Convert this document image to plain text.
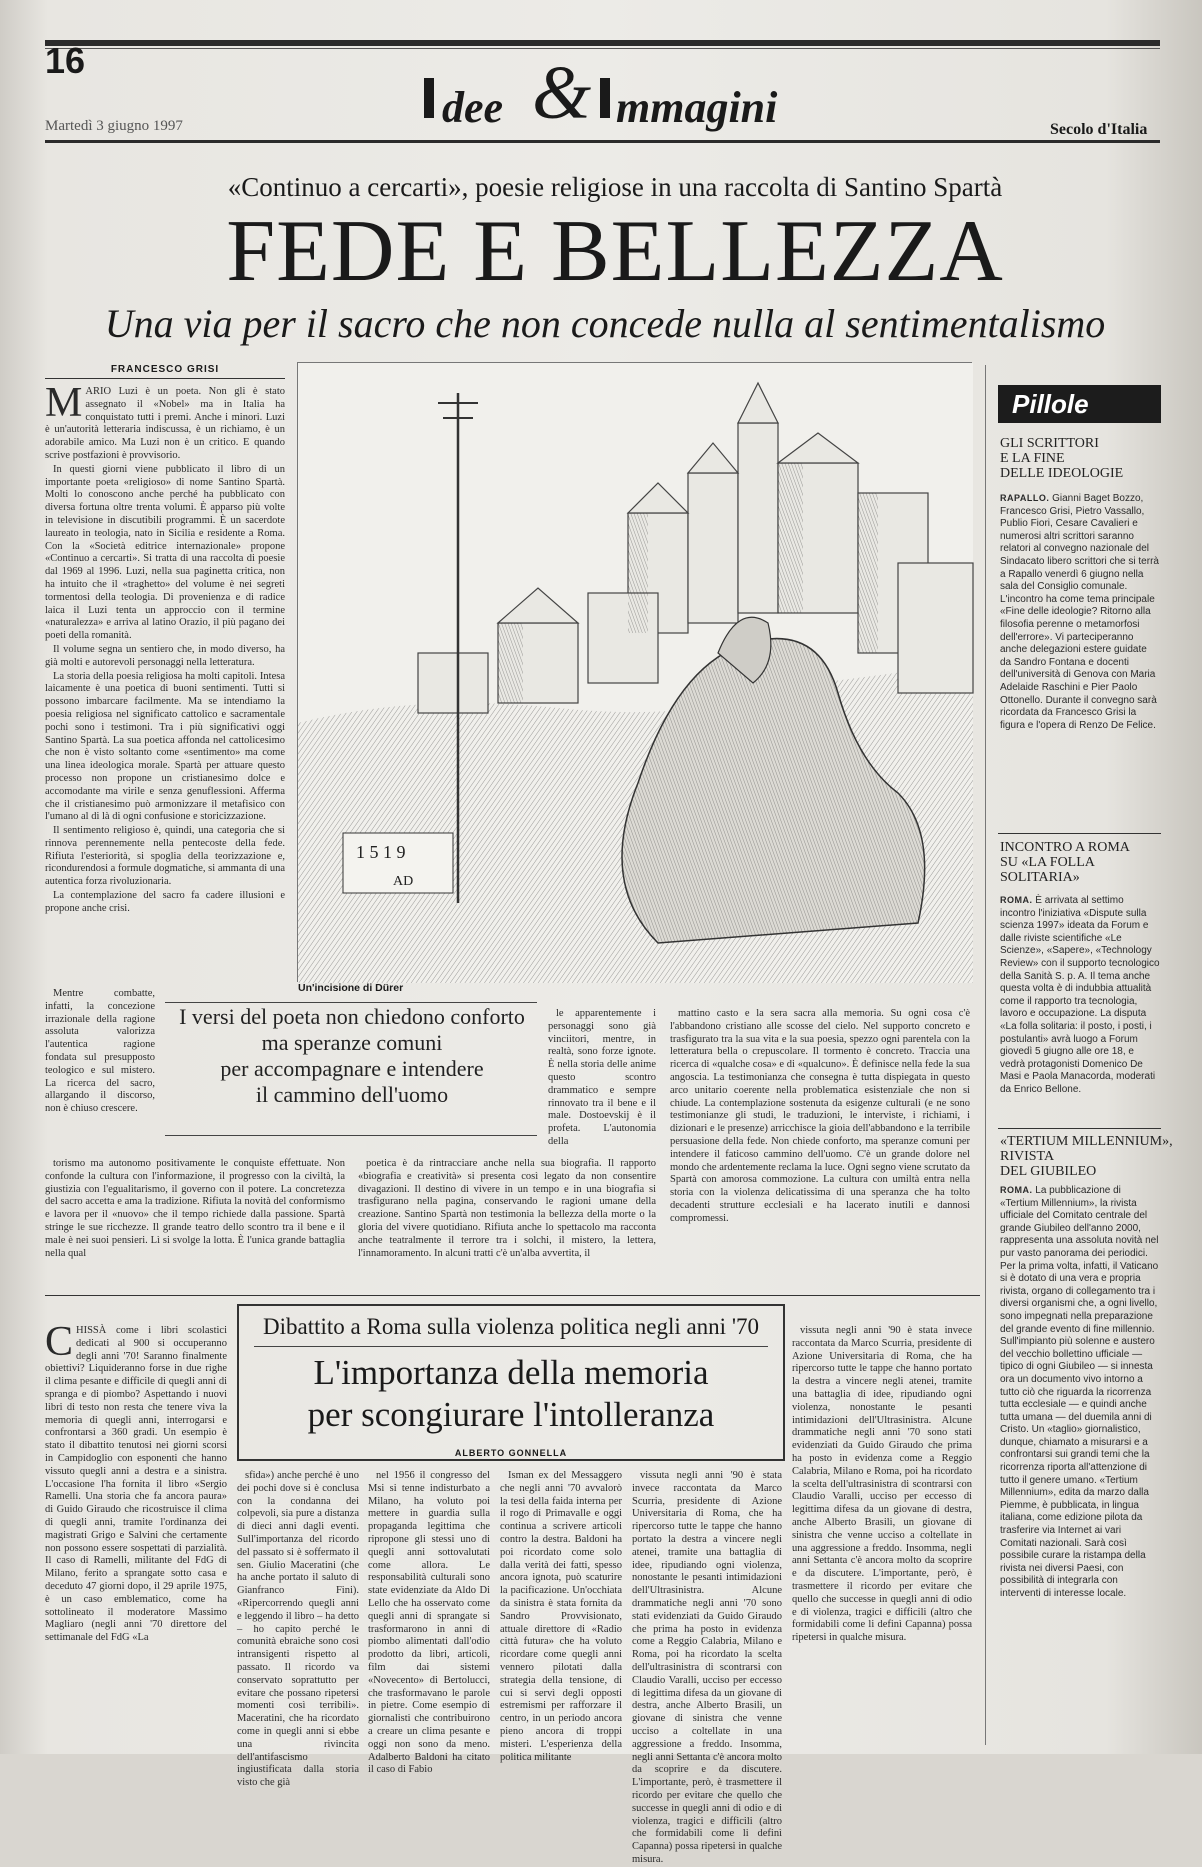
16
dee & mmagini
Martedì 3 giugno 1997	Secolo d'Italia
«Continuo a cercarti», poesie religiose in una raccolta di Santino Spartà
FEDE E BELLEZZA
Una via per il sacro che non concede nulla al sentimentalismo
FRANCESCO GRISI

MARIO Luzi è un poeta. Non gli è stato assegnato il «Nobel» ma in Italia ha conquistato tutti i premi. Anche i minori. Luzi è un'autorità letteraria indiscussa, è un richiamo, è un adorabile amico. Ma Luzi non è un critico. E quando scrive postfazioni è provvisorio.

In questi giorni viene pubblicato il libro di un importante poeta «religioso» di nome Santino Spartà. Molti lo conoscono anche perché ha pubblicato con diversa fortuna oltre trenta volumi. È apparso più volte in televisione in discutibili programmi. È un sacerdote laureato in teologia, nato in Sicilia e residente a Roma. Con la «Società editrice internazionale» propone «Continuo a cercarti». Si tratta di una raccolta di poesie dal 1969 al 1996. Luzi, nella sua paginetta critica, non ha intuito che il «traghetto» del volume è nei segreti tormentosi della teologia. Di provenienza e di radice laica il Luzi tenta un approccio con il termine «naturalezza» e arriva al latino Orazio, il più pagano dei poeti della romanità.

Il volume segna un sentiero che, in modo diverso, ha già molti e autorevoli personaggi nella letteratura.

La storia della poesia religiosa ha molti capitoli. Intesa laicamente è una poetica di buoni sentimenti. Tutti si possono imbarcare facilmente. Ma se intendiamo la poesia religiosa nel significato cattolico e sacramentale pochi sono i testimoni. Tra i più significativi oggi Santino Spartà. La sua poetica affonda nel cattolicesimo che non è visto soltanto come «sentimento» ma come una linea ideologica morale. Spartà per attuare questo processo non propone un cristianesimo dolce e accomodante ma virile e senza genuflessioni. Afferma che il cristianesimo può armonizzare il metafisico con l'umano al di là di ogni confusione e storicizzazione.

Il sentimento religioso è, quindi, una categoria che si rinnova perennemente nella pentecoste della fede. Rifiuta l'esteriorità, si spoglia della teorizzazione e, ricondurendosi a formule dogmatiche, si ammanta di una autentica forza rivoluzionaria.

La contemplazione del sacro fa cadere illusioni e propone anche crisi.

Mentre combatte, infatti, la concezione irrazionale della ragione assoluta valorizza l'autentica ragione fondata sul presupposto teologico e sul mistero. La ricerca del sacro, allargando il discorso, non è chiuso crescere.

torismo ma autonomo positivamente le conquiste effettuate. Non confonde la cultura con l'informazione, il progresso con la civiltà, la giustizia con l'egualitarismo, il governo con il potere. La concretezza del sacro accetta e ama la tradizione. Rifiuta la novità del conformismo e lavora per il «nuovo» che il tempo richiede dalla passione. Spartà stringe le sue ricchezze. Il grande teatro dello scontro tra il bene e il male è nei suoi pensieri. Lì si svolge la lotta. È l'unica grande battaglia nella qual

1 5 1 9
AD
Un'incisione di Dürer
I versi del poeta non chiedono conforto
ma speranze comuni
per accompagnare e intendere
il cammino dell'uomo

le apparentemente i personaggi sono già vinciitori, mentre, in realtà, sono forze ignote. È nella storia delle anime questo scontro drammatico e sempre rinnovato tra il bene e il male. Dostoevskij è il profeta. L'autonomia della

poetica è da rintracciare anche nella sua biografia. Il rapporto «biografia e creatività» si presenta così legato da non consentire divagazioni. Il destino di vivere in un tempo e in una biografia si trasfigurano nella pagina, conservando le ragioni umane della creazione. Santino Spartà non testimonia la bellezza della morte o la gloria del vivere quotidiano. Rifiuta anche lo spettacolo ma racconta anche teatralmente il terrore tra i solchi, il mistero, la lettera, l'innamoramento. In alcuni tratti c'è un'alba avvertita, il

mattino casto e la sera sacra alla memoria. Su ogni cosa c'è l'abbandono cristiano alle scosse del cielo. Nel supporto concreto e trasfigurato tra la sua vita e la sua poesia, spezzo ogni parentela con la letteratura bella o crepuscolare. Il tormento è concreto. Traccia una ricerca di «qualche cosa» e di «qualcuno». È definisce nella fede la sua angoscia. La testimonianza che consegna è tutta dispiegata in questo arco unitario coerente nella problematica esistenziale che non si chiude. La contemplazione sostenuta da esigenze culturali (e ne sono testimonianze gli studi, le traduzioni, le interviste, i richiami, i dizionari e le presenze) arricchisce la gioia dell'abbandono e la terribile persuasione della fede. Non chiede conforto, ma speranze comuni per intendere il faticoso cammino dell'uomo. C'è un grande dolore nel mondo che ardentemente reclama la luce. Ogni segno viene scrutato da Spartà con amorosa commozione. La cultura con umiltà entra nella storia con la violenza delicatissima di una speranza che ha tolto decadenti strutture ecclesiali e ha lacerato inutili e dannosi compromessi.

Pillole
GLI SCRITTORI
E LA FINE
DELLE IDEOLOGIE
RAPALLO. Gianni Baget Bozzo, Francesco Grisi, Pietro Vassallo, Publio Fiori, Cesare Cavalieri e numerosi altri scrittori saranno relatori al convegno nazionale del Sindacato libero scrittori che si terrà a Rapallo venerdì 6 giugno nella sala del Consiglio comunale. L'incontro ha come tema principale «Fine delle ideologie? Ritorno alla filosofia perenne o metamorfosi dell'errore». Vi parteciperanno anche delegazioni estere guidate da Sandro Fontana e docenti dell'università di Genova con Maria Adelaide Raschini e Pier Paolo Ottonello. Durante il convegno sarà ricordata da Francesco Grisi la figura e l'opera di Renzo De Felice.
INCONTRO A ROMA
SU «LA FOLLA
SOLITARIA»
ROMA. È arrivata al settimo incontro l'iniziativa «Dispute sulla scienza 1997» ideata da Forum e dalle riviste scientifiche «Le Scienze», «Sapere», «Technology Review» con il supporto tecnologico della Sanità S. p. A. Il tema anche questa volta è di indubbia attualità come il rapporto tra tecnologia, lavoro e occupazione. La disputa «La folla solitaria: il posto, i posti, i postulanti» avrà luogo a Forum giovedì 5 giugno alle ore 18, e vedrà protagonisti Domenico De Masi e Paola Manacorda, moderati da Enrico Bellone.
«TERTIUM MILLENNIUM»,
RIVISTA
DEL GIUBILEO
ROMA. La pubblicazione di «Tertium Millennium», la rivista ufficiale del Comitato centrale del grande Giubileo dell'anno 2000, rappresenta una assoluta novità nel pur vasto panorama dei periodici. Per la prima volta, infatti, il Vaticano si è dotato di una vera e propria rivista, organo di collegamento tra i diversi organismi che, a ogni livello, sono impegnati nella preparazione del grande evento di fine millennio. Sull'impianto più solenne e austero del vecchio bollettino ufficiale — tipico di ogni Giubileo — si innesta ora un documento vivo intorno a tutto ciò che riguarda la ricorrenza tutta ecclesiale — e quindi anche tutta umana — del duemila anni di Cristo. Un «taglio» giornalistico, dunque, chiamato a misurarsi e a confrontarsi sui grandi temi che la ricorrenza riporta all'attenzione di tutto il genere umano. «Tertium Millennium», edita da marzo dalla Piemme, è pubblicata, in lingua italiana, come edizione pilota da trasferire via Internet ai vari Comitati nazionali. Sarà così possibile curare la ristampa della rivista nei diversi Paesi, con possibilità di integrarla con interventi di interesse locale.
Dibattito a Roma sulla violenza politica negli anni '70
L'importanza della memoria
per scongiurare l'intolleranza
ALBERTO GONNELLA

CHISSÀ come i libri scolastici dedicati al 900 si occuperanno degli anni '70! Saranno finalmente obiettivi? Liquideranno forse in due righe il clima pesante e difficile di quegli anni di spranga e di piombo? Aspettando i nuovi libri di testo non resta che tenere viva la memoria di quegli anni, interrogarsi e confrontarsi a 360 gradi. Un esempio è stato il dibattito tenutosi nei giorni scorsi in Campidoglio con esponenti che hanno vissuto quegli anni a destra e a sinistra. L'occasione l'ha fornita il libro «Sergio Ramelli. Una storia che fa ancora paura» di Guido Giraudo che ricostruisce il clima di quegli anni, tramite l'ordinanza dei magistrati Grigo e Salvini che certamente non possono essere sospettati di parzialità. Il caso di Ramelli, militante del FdG di Milano, ferito a sprangate sotto casa e deceduto 47 giorni dopo, il 29 aprile 1975, è un caso emblematico, come ha sottolineato il moderatore Massimo Magliaro (negli anni '70 direttore del settimanale del FdG «La

sfida») anche perché è uno dei pochi dove si è conclusa con la condanna dei colpevoli, sia pure a distanza di dieci anni dagli eventi. Sull'importanza del ricordo del passato si è soffermato il sen. Giulio Maceratini (che ha anche portato il saluto di Gianfranco Fini). «Ripercorrendo quegli anni e leggendo il libro – ha detto – ho capito perché le comunità ebraiche sono così intransigenti rispetto al passato. Il ricordo va conservato soprattutto per evitare che possano ripetersi momenti così terribili». Maceratini, che ha ricordato come in quegli anni si ebbe una rivincita dell'antifascismo ingiustificata dalla storia visto che già

nel 1956 il congresso del Msi si tenne indisturbato a Milano, ha voluto poi mettere in guardia sulla propaganda legittima che ripropone gli stessi uno di quegli anni sottovalutati come allora. Le responsabilità culturali sono state evidenziate da Aldo Di Lello che ha osservato come quegli anni di sprangate si trasformarono in anni di piombo alimentati dall'odio prodotto da libri, articoli, film dai sistemi «Novecento» di Bertolucci, che trasformavano le parole in pietre. Come esempio di giornalisti che contribuirono a creare un clima pesante e oggi non sono da meno. Adalberto Baldoni ha citato il caso di Fabio

Isman ex del Messaggero che negli anni '70 avvalorò la tesi della faida interna per il rogo di Primavalle e oggi continua a scrivere articoli contro la destra. Baldoni ha poi ricordato come solo dalla verità dei fatti, spesso ancora ignota, può scaturire la pacificazione. Un'occhiata da sinistra è stata fornita da Sandro Provvisionato, attuale direttore di «Radio città futura» che ha voluto ricordare come quegli anni vennero pilotati dalla strategia della tensione, di cui si servì degli opposti estremismi per rafforzare il centro, in un periodo ancora pieno ancora di troppi misteri. L'esperienza della politica militante

vissuta negli anni '90 è stata invece raccontata da Marco Scurria, presidente di Azione Universitaria di Roma, che ha ripercorso tutte le tappe che hanno portato la destra a vincere negli atenei, tramite una battaglia di idee, ripudiando ogni violenza, nonostante le pesanti intimidazioni dell'Ultrasinistra. Alcune drammatiche negli anni '70 sono stati evidenziati da Guido Giraudo che prima ha posto in evidenza come a Reggio Calabria, Milano e Roma, poi ha ricordato la scelta dell'ultrasinistra di scontrarsi con Claudio Varalli, ucciso per eccesso di legittima difesa da un giovane di destra, anche Alberto Brasili, un giovane di sinistra che venne ucciso a coltellate in una aggressione a freddo. Insomma, negli anni Settanta c'è ancora molto da scoprire e da discutere. L'importante, però, è trasmettere il ricordo per evitare che quello che successe in quegli anni di odio e di violenza, tragici e difficili (altro che formidabili come li definì Capanna) possa ripetersi in qualche misura.

vissuta negli anni '90 è stata invece raccontata da Marco Scurria, presidente di Azione Universitaria di Roma, che ha ripercorso tutte le tappe che hanno portato la destra a vincere negli atenei, tramite una battaglia di idee, ripudiando ogni violenza, nonostante le pesanti intimidazioni dell'Ultrasinistra. Alcune drammatiche negli anni '70 sono stati evidenziati da Guido Giraudo che prima ha posto in evidenza come a Reggio Calabria, Milano e Roma, poi ha ricordato la scelta dell'ultrasinistra di scontrarsi con Claudio Varalli, ucciso per eccesso di legittima difesa da un giovane di destra, anche Alberto Brasili, un giovane di sinistra che venne ucciso a coltellate in una aggressione a freddo. Insomma, negli anni Settanta c'è ancora molto da scoprire e da discutere. L'importante, però, è trasmettere il ricordo per evitare che quello che successe in quegli anni di odio e di violenza, tragici e difficili (altro che formidabili come li definì Capanna) possa ripetersi in qualche misura.
